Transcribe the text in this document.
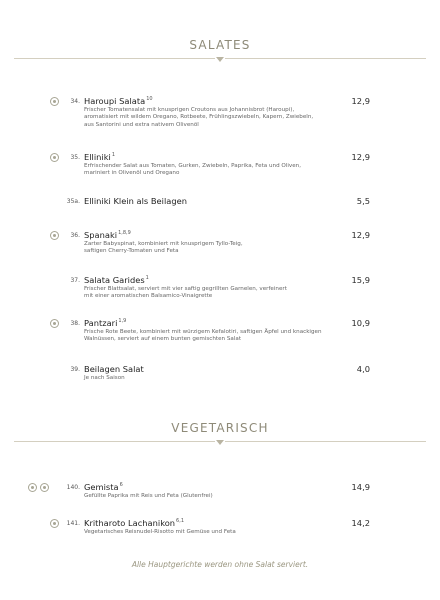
SALATES
34. Haroupi Salata$^{10}$	12,9
Frischer Tomatensalat mit knusprigen Croutons aus Johannisbrot (Haroupi),
aromatisiert mit wildem Oregano, Rotbeete, Frühlingszwiebeln, Kapern, Zwiebeln,
aus Santorini und extra nativem Olivenöl
35. Elliniki$^1$	12,9
Erfrischender Salat aus Tomaten, Gurken, Zwiebeln, Paprika, Feta und Oliven,
mariniert in Olivenöl und Oregano
35a. Elliniki Klein als Beilagen	5,5
36. Spanaki$^{1,8,9}$	12,9
Zarter Babyspinat, kombiniert mit knusprigem Tyllo-Teig,
saftigen Cherry-Tomaten und Feta
37. Salata Garides$^1$	15,9
Frischer Blattsalat, serviert mit vier saftig gegrillten Garnelen, verfeinert
mit einer aromatischen Balsamico-Vinaigrette
38. Pantzari$^{1,9}$	10,9
Frische Rote Beete, kombiniert mit würzigem Kefalotiri, saftigen Äpfel und knackigen
Walnüssen, serviert auf einem bunten gemischten Salat
39. Beilagen Salat	4,0
Je nach Saison
VEGETARISCH
140. Gemista$^6$	14,9
Gefüllte Paprika mit Reis und Feta (Glutenfrei)
141. Kritharoto Lachanikon$^{6,1}$	14,2
Vegetarisches Reisnudel-Risotto mit Gemüse und Feta
Alle Hauptgerichte werden ohne Salat serviert.
